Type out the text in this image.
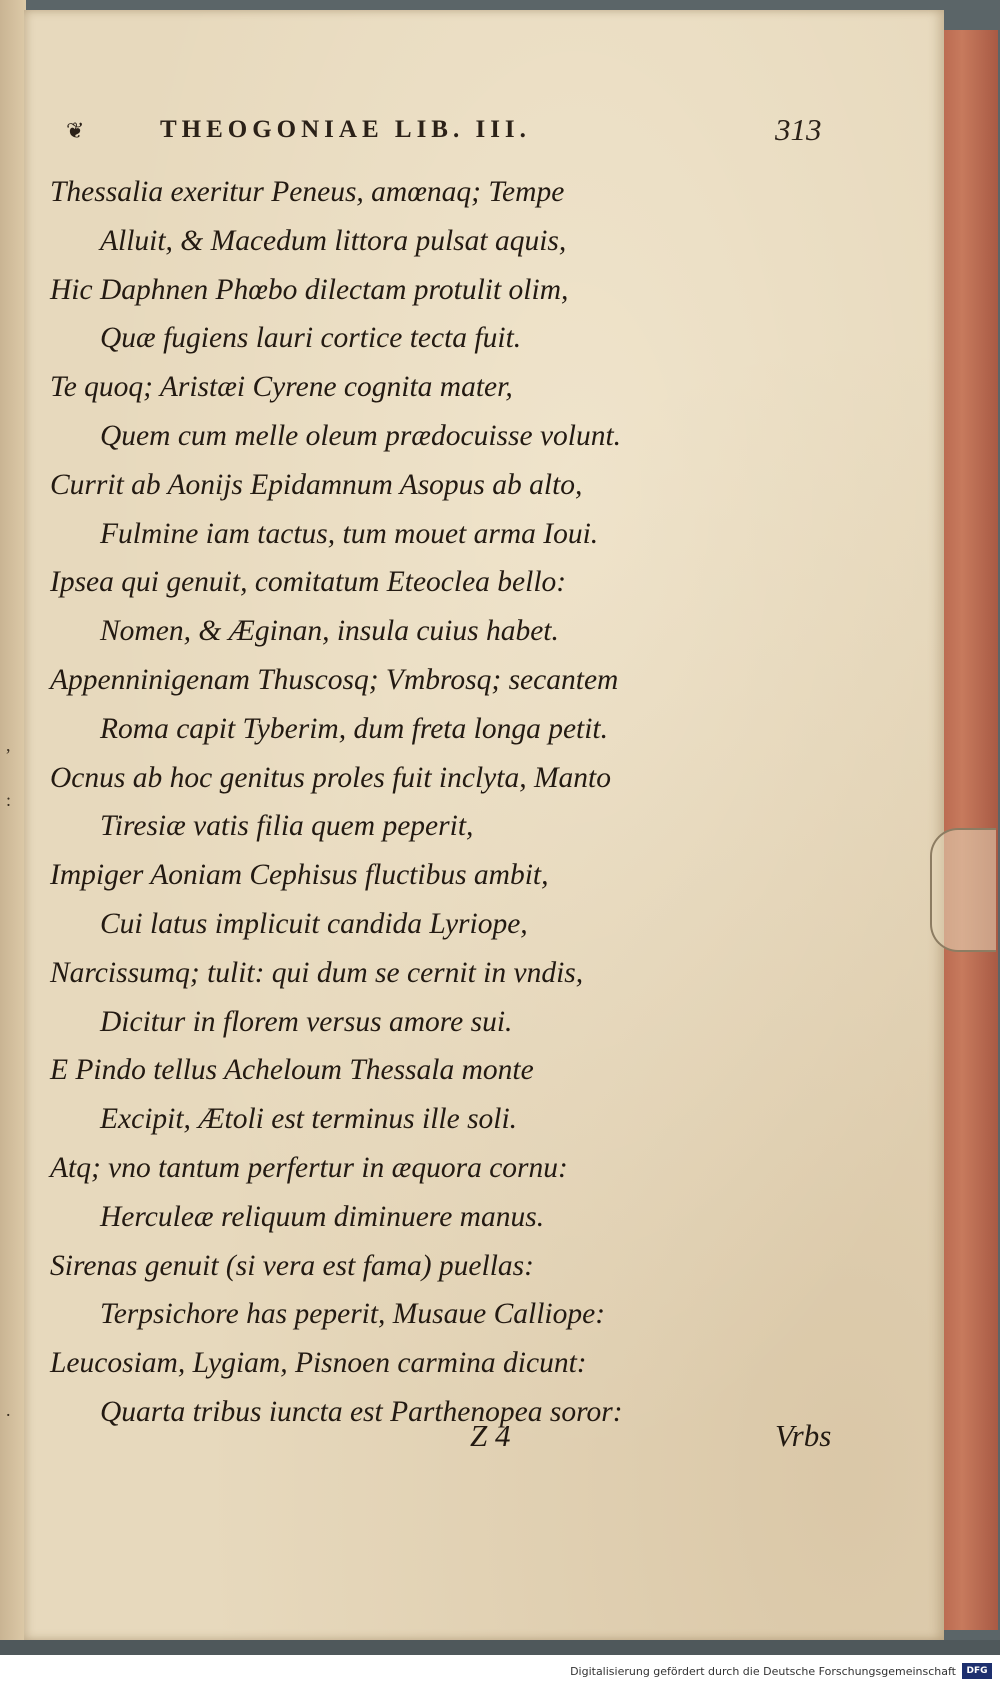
,
:
.
❦	THEOGONIAE LIB. III.	313
Thessalia exeritur Peneus, amœnaq; Tempe
Alluit, & Macedum littora pulsat aquis,
Hic Daphnen Phœbo dilectam protulit olim,
Quæ fugiens lauri cortice tecta fuit.
Te quoq; Aristæi Cyrene cognita mater,
Quem cum melle oleum prædocuisse volunt.
Currit ab Aonijs Epidamnum Asopus ab alto,
Fulmine iam tactus, tum mouet arma Ioui.
Ipsea qui genuit, comitatum Eteoclea bello:
Nomen, & Æginan, insula cuius habet.
Appenninigenam Thuscosq; Vmbrosq; secantem
Roma capit Tyberim, dum freta longa petit.
Ocnus ab hoc genitus proles fuit inclyta, Manto
Tiresiæ vatis filia quem peperit,
Impiger Aoniam Cephisus fluctibus ambit,
Cui latus implicuit candida Lyriope,
Narcissumq; tulit: qui dum se cernit in vndis,
Dicitur in florem versus amore sui.
E Pindo tellus Acheloum Thessala monte
Excipit, Ætoli est terminus ille soli.
Atq; vno tantum perfertur in æquora cornu:
Herculeæ reliquum diminuere manus.
Sirenas genuit (si vera est fama) puellas:
Terpsichore has peperit, Musaue Calliope:
Leucosiam, Lygiam, Pisnoen carmina dicunt:
Quarta tribus iuncta est Parthenopea soror:
Z 4	Vrbs
Digitalisierung gefördert durch die Deutsche Forschungsgemeinschaft	DFG
